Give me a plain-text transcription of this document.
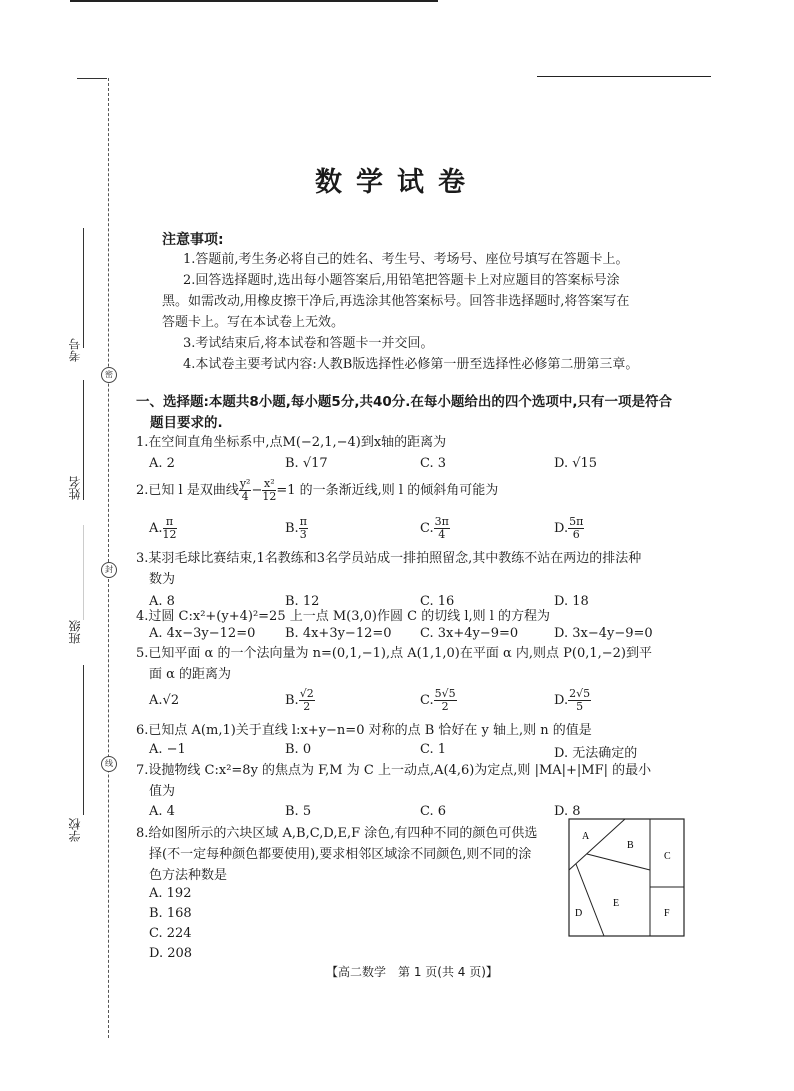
考号
姓名
班级
学校
密
封
线
数学试卷
注意事项:
1.答题前,考生务必将自己的姓名、考生号、考场号、座位号填写在答题卡上。
2.回答选择题时,选出每小题答案后,用铅笔把答题卡上对应题目的答案标号涂
黑。如需改动,用橡皮擦干净后,再选涂其他答案标号。回答非选择题时,将答案写在
答题卡上。写在本试卷上无效。
3.考试结束后,将本试卷和答题卡一并交回。
4.本试卷主要考试内容:人教B版选择性必修第一册至选择性必修第二册第三章。
一、选择题:本题共8小题,每小题5分,共40分.在每小题给出的四个选项中,只有一项是符合
题目要求的.
1.在空间直角坐标系中,点M(−2,1,−4)到x轴的距离为
A. 2	B. √17	C. 3	D. √15
2.已知 l 是双曲线 $\frac{\text{y²}}{4} - \frac{\text{x²}}{12} =1$ 的一条渐近线,则 l 的倾斜角可能为
A. $\frac{\pi}{12}$	B. $\frac{\pi}{3}$	C. $\frac{3\pi}{4}$	D. $\frac{5\pi}{6}$
3.某羽毛球比赛结束,1名教练和3名学员站成一排拍照留念,其中教练不站在两边的排法种
数为
A. 8	B. 12	C. 16	D. 18
4.过圆 C:x²+(y+4)²=25 上一点 M(3,0)作圆 C 的切线 l,则 l 的方程为
A. 4x−3y−12=0 B. 4x+3y−12=0 C. 3x+4y−9=0	D. 3x−4y−9=0
5.已知平面 α 的一个法向量为 n=(0,1,−1),点 A(1,1,0)在平面 α 内,则点 P(0,1,−2)到平
面 α 的距离为
A.√2	B. $\frac{√2}{2}$	C. $\frac{5√5}{2}$	D. $\frac{2√5}{5}$
6.已知点 A(m,1)关于直线 l:x+y−n=0 对称的点 B 恰好在 y 轴上,则 n 的值是
A. −1	B. 0	C. 1	D. 无法确定的
7.设抛物线 C:x²=8y 的焦点为 F,M 为 C 上一动点,A(4,6)为定点,则 |MA|+|MF| 的最小
值为
A. 4	B. 5	C. 6	D. 8
8.给如图所示的六块区域 A,B,C,D,E,F 涂色,有四种不同的颜色可供选
择(不一定每种颜色都要使用),要求相邻区域涂不同颜色,则不同的涂
色方法种数是
A. 192
B. 168
C. 224
D. 208
A
B
C
D
E
F
【高二数学　第 1 页(共 4 页)】
